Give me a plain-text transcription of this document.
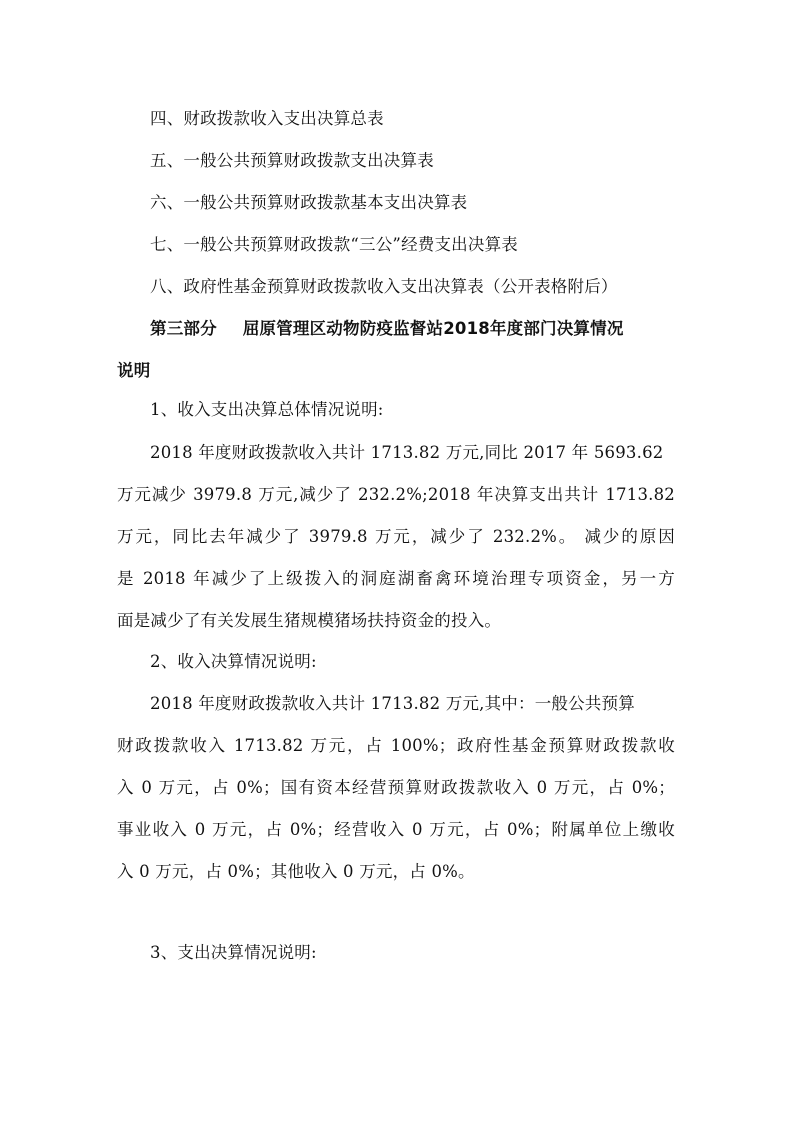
四、财政拨款收入支出决算总表
五、一般公共预算财政拨款支出决算表
六、一般公共预算财政拨款基本支出决算表
七、一般公共预算财政拨款“三公”经费支出决算表
八、政府性基金预算财政拨款收入支出决算表（公开表格附后）
第三部分 屈原管理区动物防疫监督站2018年度部门决算情况
说明
1、收入支出决算总体情况说明:
2018 年度财政拨款收入共计 1713.82 万元,同比 2017 年 5693.62
万元减少 3979.8 万元,减少了 232.2%;2018 年决算支出共计 1713.82
万元，同比去年减少了 3979.8 万元，减少了 232.2%。 减少的原因
是 2018 年减少了上级拨入的洞庭湖畜禽环境治理专项资金，另一方
面是减少了有关发展生猪规模猪场扶持资金的投入。
2、收入决算情况说明:
2018 年度财政拨款收入共计 1713.82 万元,其中：一般公共预算
财政拨款收入 1713.82 万元，占 100%；政府性基金预算财政拨款收
入 0 万元，占 0%；国有资本经营预算财政拨款收入 0 万元，占 0%；
事业收入 0 万元，占 0%；经营收入 0 万元，占 0%；附属单位上缴收
入 0 万元，占 0%；其他收入 0 万元，占 0%。
3、支出决算情况说明:
